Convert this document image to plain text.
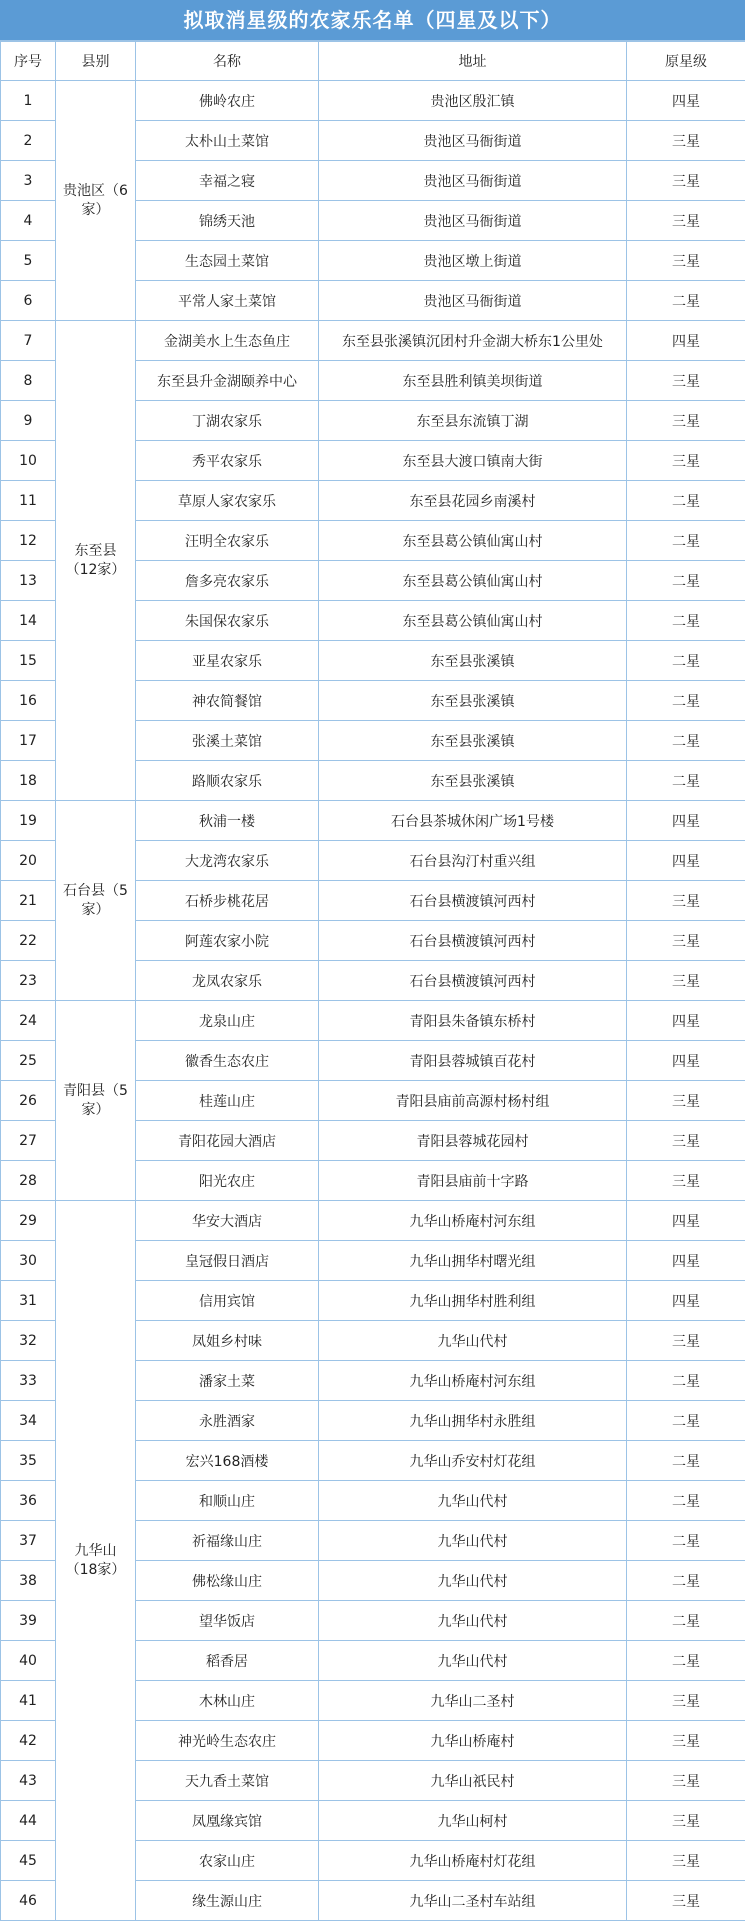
拟取消星级的农家乐名单（四星及以下）
序号	县别	名称	地址	原星级
1	贵池区（6家）	佛岭农庄	贵池区殷汇镇	四星
2		太朴山土菜馆	贵池区马衙街道	三星
3		幸福之寝	贵池区马衙街道	三星
4		锦绣天池	贵池区马衙街道	三星
5		生态园土菜馆	贵池区墩上街道	三星
6		平常人家土菜馆	贵池区马衙街道	二星
7	东至县（12家）	金湖美水上生态鱼庄	东至县张溪镇沉团村升金湖大桥东1公里处	四星
8		东至县升金湖颐养中心	东至县胜利镇美坝街道	三星
9		丁湖农家乐	东至县东流镇丁湖	三星
10		秀平农家乐	东至县大渡口镇南大街	三星
11		草原人家农家乐	东至县花园乡南溪村	二星
12		汪明全农家乐	东至县葛公镇仙寓山村	二星
13		詹多亮农家乐	东至县葛公镇仙寓山村	二星
14		朱国保农家乐	东至县葛公镇仙寓山村	二星
15		亚星农家乐	东至县张溪镇	二星
16		神农简餐馆	东至县张溪镇	二星
17		张溪土菜馆	东至县张溪镇	二星
18		路顺农家乐	东至县张溪镇	二星
19	石台县（5家）	秋浦一楼	石台县茶城休闲广场1号楼	四星
20		大龙湾农家乐	石台县沟汀村重兴组	四星
21		石桥步桃花居	石台县横渡镇河西村	三星
22		阿莲农家小院	石台县横渡镇河西村	三星
23		龙凤农家乐	石台县横渡镇河西村	三星
24	青阳县（5家）	龙泉山庄	青阳县朱备镇东桥村	四星
25		徽香生态农庄	青阳县蓉城镇百花村	四星
26		桂莲山庄	青阳县庙前高源村杨村组	三星
27		青阳花园大酒店	青阳县蓉城花园村	三星
28		阳光农庄	青阳县庙前十字路	三星
29	九华山（18家）	华安大酒店	九华山桥庵村河东组	四星
30		皇冠假日酒店	九华山拥华村曙光组	四星
31		信用宾馆	九华山拥华村胜利组	四星
32		凤姐乡村味	九华山代村	三星
33		潘家土菜	九华山桥庵村河东组	二星
34		永胜酒家	九华山拥华村永胜组	二星
35		宏兴168酒楼	九华山乔安村灯花组	二星
36		和顺山庄	九华山代村	二星
37		祈福缘山庄	九华山代村	二星
38		佛松缘山庄	九华山代村	二星
39		望华饭店	九华山代村	二星
40		稻香居	九华山代村	二星
41		木林山庄	九华山二圣村	三星
42		神光岭生态农庄	九华山桥庵村	三星
43		天九香土菜馆	九华山祇民村	三星
44		凤凰缘宾馆	九华山柯村	三星
45		农家山庄	九华山桥庵村灯花组	三星
46		缘生源山庄	九华山二圣村车站组	三星
